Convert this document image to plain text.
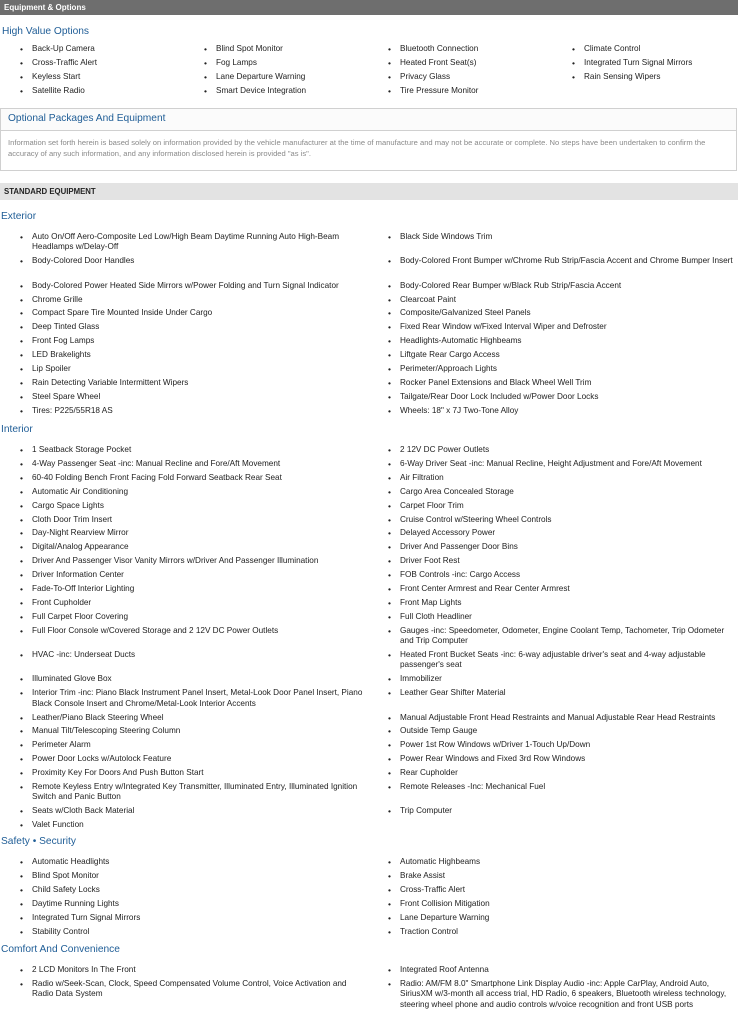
Equipment & Options
High Value Options
• Back-Up Camera
• Cross-Traffic Alert
• Keyless Start
• Satellite Radio
• Blind Spot Monitor
• Fog Lamps
• Lane Departure Warning
• Smart Device Integration
• Bluetooth Connection
• Heated Front Seat(s)
• Privacy Glass
• Tire Pressure Monitor
• Climate Control
• Integrated Turn Signal Mirrors
• Rain Sensing Wipers
Optional Packages And Equipment
Information set forth herein is based solely on information provided by the vehicle manufacturer at the time of manufacture and may not be accurate or complete. No steps have been undertaken to confirm the accuracy of any such information, and any information disclosed herein is provided "as is".
STANDARD EQUIPMENT
Exterior
• Auto On/Off Aero-Composite Led Low/High Beam Daytime Running Auto High-Beam Headlamps w/Delay-Off
• Black Side Windows Trim
• Body-Colored Door Handles	• Body-Colored Front Bumper w/Chrome Rub Strip/Fascia Accent and Chrome Bumper Insert
• Body-Colored Power Heated Side Mirrors w/Power Folding and Turn Signal Indicator	• Body-Colored Rear Bumper w/Black Rub Strip/Fascia Accent
• Chrome Grille	• Clearcoat Paint
• Compact Spare Tire Mounted Inside Under Cargo	• Composite/Galvanized Steel Panels
• Deep Tinted Glass	• Fixed Rear Window w/Fixed Interval Wiper and Defroster
• Front Fog Lamps	• Headlights-Automatic Highbeams
• LED Brakelights	• Liftgate Rear Cargo Access
• Lip Spoiler	• Perimeter/Approach Lights
• Rain Detecting Variable Intermittent Wipers	• Rocker Panel Extensions and Black Wheel Well Trim
• Steel Spare Wheel	• Tailgate/Rear Door Lock Included w/Power Door Locks
• Tires: P225/55R18 AS	• Wheels: 18" x 7J Two-Tone Alloy
Interior
• 1 Seatback Storage Pocket	• 2 12V DC Power Outlets
• 4-Way Passenger Seat -inc: Manual Recline and Fore/Aft Movement	• 6-Way Driver Seat -inc: Manual Recline, Height Adjustment and Fore/Aft Movement
• 60-40 Folding Bench Front Facing Fold Forward Seatback Rear Seat	• Air Filtration
• Automatic Air Conditioning	• Cargo Area Concealed Storage
• Cargo Space Lights	• Carpet Floor Trim
• Cloth Door Trim Insert	• Cruise Control w/Steering Wheel Controls
• Day-Night Rearview Mirror	• Delayed Accessory Power
• Digital/Analog Appearance	• Driver And Passenger Door Bins
• Driver And Passenger Visor Vanity Mirrors w/Driver And Passenger Illumination	• Driver Foot Rest
• Driver Information Center	• FOB Controls -inc: Cargo Access
• Fade-To-Off Interior Lighting	• Front Center Armrest and Rear Center Armrest
• Front Cupholder	• Front Map Lights
• Full Carpet Floor Covering	• Full Cloth Headliner
• Full Floor Console w/Covered Storage and 2 12V DC Power Outlets	• Gauges -inc: Speedometer, Odometer, Engine Coolant Temp, Tachometer, Trip Odometer and Trip Computer
• HVAC -inc: Underseat Ducts	• Heated Front Bucket Seats -inc: 6-way adjustable driver's seat and 4-way adjustable passenger's seat
• Illuminated Glove Box	• Immobilizer
• Interior Trim -inc: Piano Black Instrument Panel Insert, Metal-Look Door Panel Insert, Piano Black Console Insert and Chrome/Metal-Look Interior Accents
• Leather Gear Shifter Material
• Leather/Piano Black Steering Wheel	• Manual Adjustable Front Head Restraints and Manual Adjustable Rear Head Restraints
• Manual Tilt/Telescoping Steering Column	• Outside Temp Gauge
• Perimeter Alarm	• Power 1st Row Windows w/Driver 1-Touch Up/Down
• Power Door Locks w/Autolock Feature	• Power Rear Windows and Fixed 3rd Row Windows
• Proximity Key For Doors And Push Button Start	• Rear Cupholder
• Remote Keyless Entry w/Integrated Key Transmitter, Illuminated Entry, Illuminated Ignition Switch and Panic Button
• Remote Releases -Inc: Mechanical Fuel
• Seats w/Cloth Back Material	• Trip Computer
• Valet Function
Safety • Security
• Automatic Headlights	• Automatic Highbeams
• Blind Spot Monitor	• Brake Assist
• Child Safety Locks	• Cross-Traffic Alert
• Daytime Running Lights	• Front Collision Mitigation
• Integrated Turn Signal Mirrors	• Lane Departure Warning
• Stability Control	• Traction Control
Comfort And Convenience
• 2 LCD Monitors In The Front	• Integrated Roof Antenna
• Radio w/Seek-Scan, Clock, Speed Compensated Volume Control, Voice Activation and Radio Data System
• Radio: AM/FM 8.0" Smartphone Link Display Audio -inc: Apple CarPlay, Android Auto, SiriusXM w/3-month all access trial, HD Radio, 6 speakers, Bluetooth wireless technology, steering wheel phone and audio controls w/voice recognition and front USB ports
